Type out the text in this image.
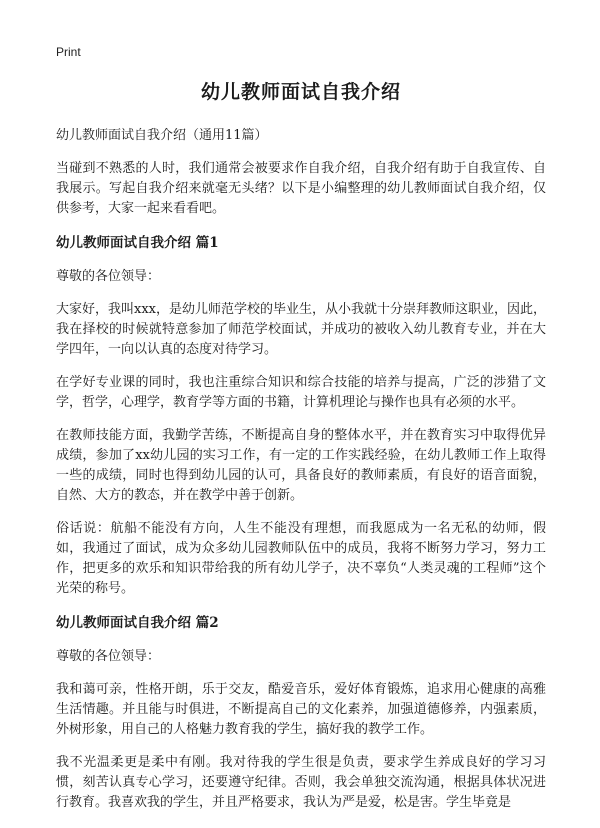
Print
幼儿教师面试自我介绍
幼儿教师面试自我介绍（通用11篇）

当碰到不熟悉的人时，我们通常会被要求作自我介绍，自我介绍有助于自我宣传、自我展示。写起自我介绍来就毫无头绪？以下是小编整理的幼儿教师面试自我介绍，仅供参考，大家一起来看看吧。

幼儿教师面试自我介绍 篇1

尊敬的各位领导：

大家好，我叫xxx，是幼儿师范学校的毕业生，从小我就十分崇拜教师这职业，因此，我在择校的时候就特意参加了师范学校面试，并成功的被收入幼儿教育专业，并在大学四年，一向以认真的态度对待学习。

在学好专业课的同时，我也注重综合知识和综合技能的培养与提高，广泛的涉猎了文学，哲学，心理学，教育学等方面的书籍，计算机理论与操作也具有必须的水平。

在教师技能方面，我勤学苦练，不断提高自身的整体水平，并在教育实习中取得优异成绩，参加了xx幼儿园的实习工作，有一定的工作实践经验，在幼儿教师工作上取得一些的成绩，同时也得到幼儿园的认可，具备良好的教师素质，有良好的语音面貌，自然、大方的教态，并在教学中善于创新。

俗话说：航船不能没有方向，人生不能没有理想，而我愿成为一名无私的幼师，假如，我通过了面试，成为众多幼儿园教师队伍中的成员，我将不断努力学习，努力工作，把更多的欢乐和知识带给我的所有幼儿学子，决不辜负“人类灵魂的工程师”这个光荣的称号。

幼儿教师面试自我介绍 篇2

尊敬的各位领导：

我和蔼可亲，性格开朗，乐于交友，酷爱音乐，爱好体育锻炼，追求用心健康的高雅生活情趣。并且能与时俱进，不断提高自己的文化素养，加强道德修养，内强素质，外树形象，用自己的人格魅力教育我的学生，搞好我的教学工作。

我不光温柔更是柔中有刚。我对待我的学生很是负责，要求学生养成良好的学习习惯，刻苦认真专心学习，还要遵守纪律。否则，我会单独交流沟通，根据具体状况进行教育。我喜欢我的学生，并且严格要求，我认为严是爱，松是害。学生毕竟是
